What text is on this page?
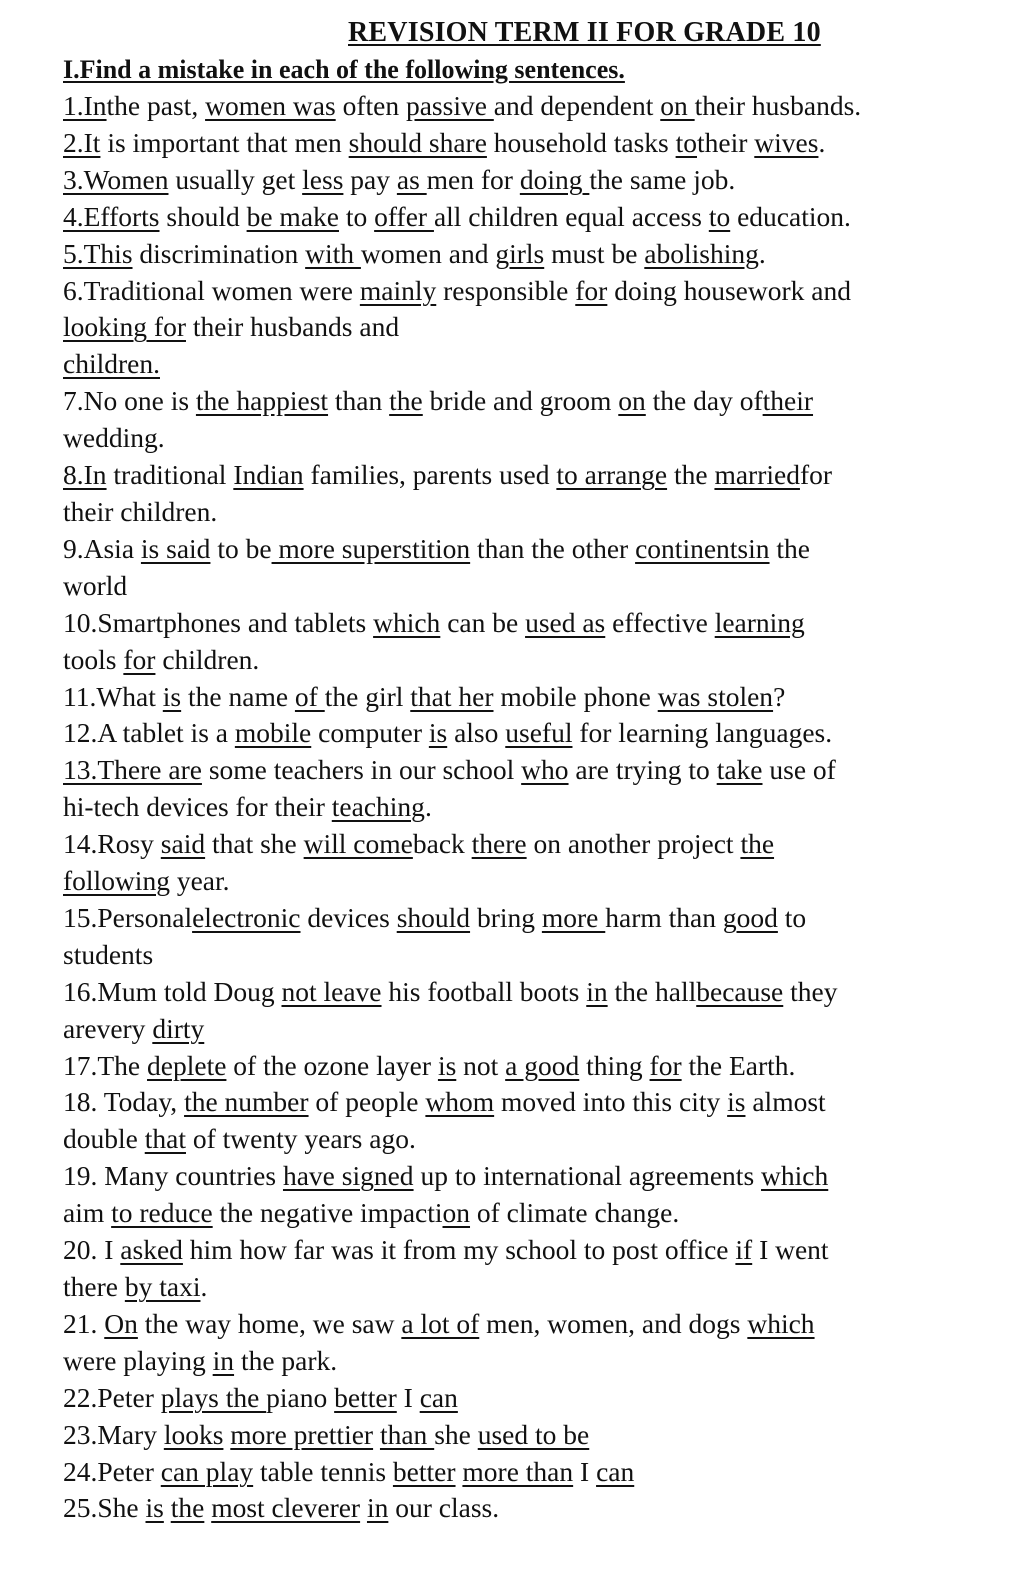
REVISION TERM II FOR GRADE 10
I.Find a mistake in each of the following sentences.
1.Inthe past, women was often passive and dependent on their husbands.
2.It is important that men should share household tasks totheir wives.
3.Women usually get less pay as men for doing the same job.
4.Efforts should be make to offer all children equal access to education.
5.This discrimination with women and girls must be abolishing.
6.Traditional women were mainly responsible for doing housework and
looking for their husbands and
children.
7.No one is the happiest than the bride and groom on the day oftheir
wedding.
8.In traditional Indian families, parents used to arrange the marriedfor
their children.
9.Asia is said to be more superstition than the other continentsin the
world
10.Smartphones and tablets which can be used as effective learning
tools for children.
11.What is the name of the girl that her mobile phone was stolen?
12.A tablet is a mobile computer is also useful for learning languages.
13.There are some teachers in our school who are trying to take use of
hi-tech devices for their teaching.
14.Rosy said that she will comeback there on another project the
following year.
15.Personalelectronic devices should bring more harm than good to
students
16.Mum told Doug not leave his football boots in the hallbecause they
arevery dirty
17.The deplete of the ozone layer is not a good thing for the Earth.
18. Today, the number of people whom moved into this city is almost
double that of twenty years ago.
19. Many countries have signed up to international agreements which
aim to reduce the negative impaction of climate change.
20. I asked him how far was it from my school to post office if I went
there by taxi.
21. On the way home, we saw a lot of men, women, and dogs which
were playing in the park.
22.Peter plays the piano better I can
23.Mary looks more prettier than she used to be
24.Peter can play table tennis better more than I can
25.She is the most cleverer in our class.
